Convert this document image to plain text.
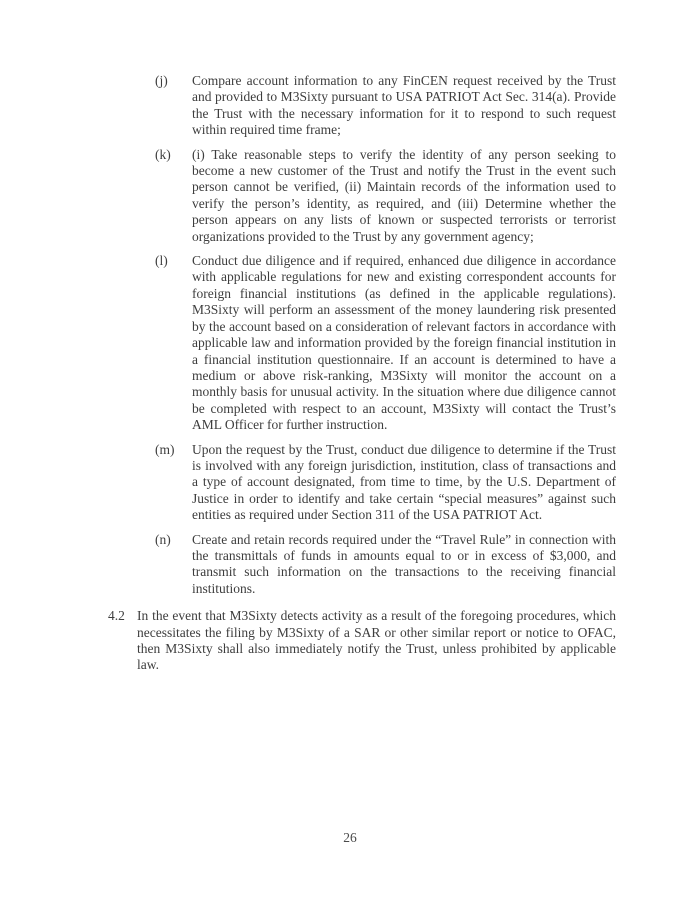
(j)	Compare account information to any FinCEN request received by the Trust and provided to M3Sixty pursuant to USA PATRIOT Act Sec. 314(a). Provide the Trust with the necessary information for it to respond to such request within required time frame;
(k)	(i) Take reasonable steps to verify the identity of any person seeking to become a new customer of the Trust and notify the Trust in the event such person cannot be verified, (ii) Maintain records of the information used to verify the person’s identity, as required, and (iii) Determine whether the person appears on any lists of known or suspected terrorists or terrorist organizations provided to the Trust by any government agency;
(l)	Conduct due diligence and if required, enhanced due diligence in accordance with applicable regulations for new and existing correspondent accounts for foreign financial institutions (as defined in the applicable regulations). M3Sixty will perform an assessment of the money laundering risk presented by the account based on a consideration of relevant factors in accordance with applicable law and information provided by the foreign financial institution in a financial institution questionnaire. If an account is determined to have a medium or above risk-ranking, M3Sixty will monitor the account on a monthly basis for unusual activity. In the situation where due diligence cannot be completed with respect to an account, M3Sixty will contact the Trust’s AML Officer for further instruction.
(m)	Upon the request by the Trust, conduct due diligence to determine if the Trust is involved with any foreign jurisdiction, institution, class of transactions and a type of account designated, from time to time, by the U.S. Department of Justice in order to identify and take certain “special measures” against such entities as required under Section 311 of the USA PATRIOT Act.
(n)	Create and retain records required under the “Travel Rule” in connection with the transmittals of funds in amounts equal to or in excess of $3,000, and transmit such information on the transactions to the receiving financial institutions.
4.2 In the event that M3Sixty detects activity as a result of the foregoing procedures, which necessitates the filing by M3Sixty of a SAR or other similar report or notice to OFAC, then M3Sixty shall also immediately notify the Trust, unless prohibited by applicable law.
26
